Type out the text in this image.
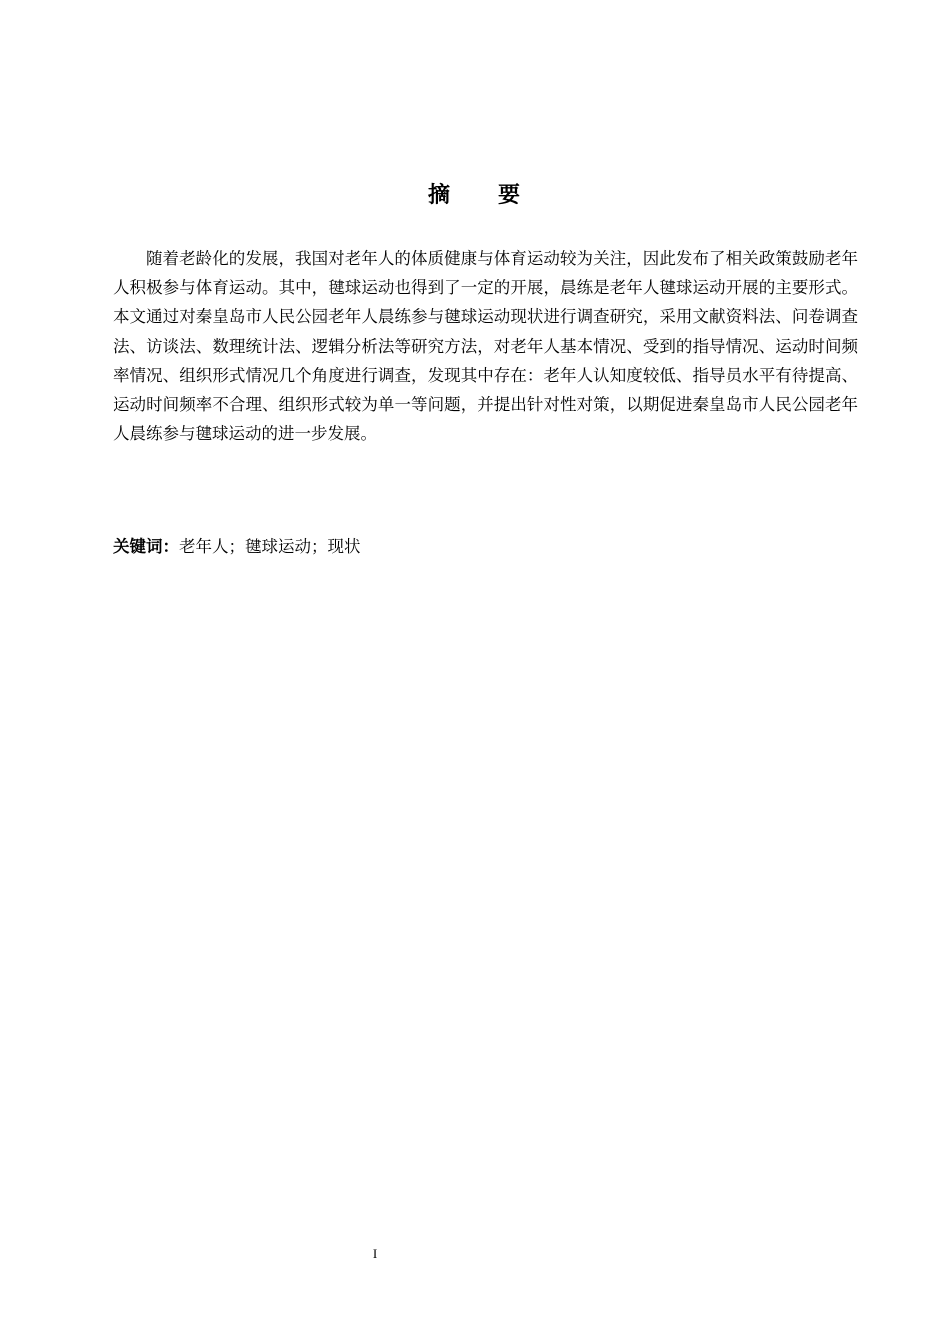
摘 要

随着老龄化的发展，我国对老年人的体质健康与体育运动较为关注，因此发布了相关政策鼓励老年人积极参与体育运动。其中，毽球运动也得到了一定的开展，晨练是老年人毽球运动开展的主要形式。本文通过对秦皇岛市人民公园老年人晨练参与毽球运动现状进行调查研究，采用文献资料法、问卷调查法、访谈法、数理统计法、逻辑分析法等研究方法，对老年人基本情况、受到的指导情况、运动时间频率情况、组织形式情况几个角度进行调查，发现其中存在：老年人认知度较低、指导员水平有待提高、运动时间频率不合理、组织形式较为单一等问题，并提出针对性对策，以期促进秦皇岛市人民公园老年人晨练参与毽球运动的进一步发展。

关键词：老年人；毽球运动；现状
I
